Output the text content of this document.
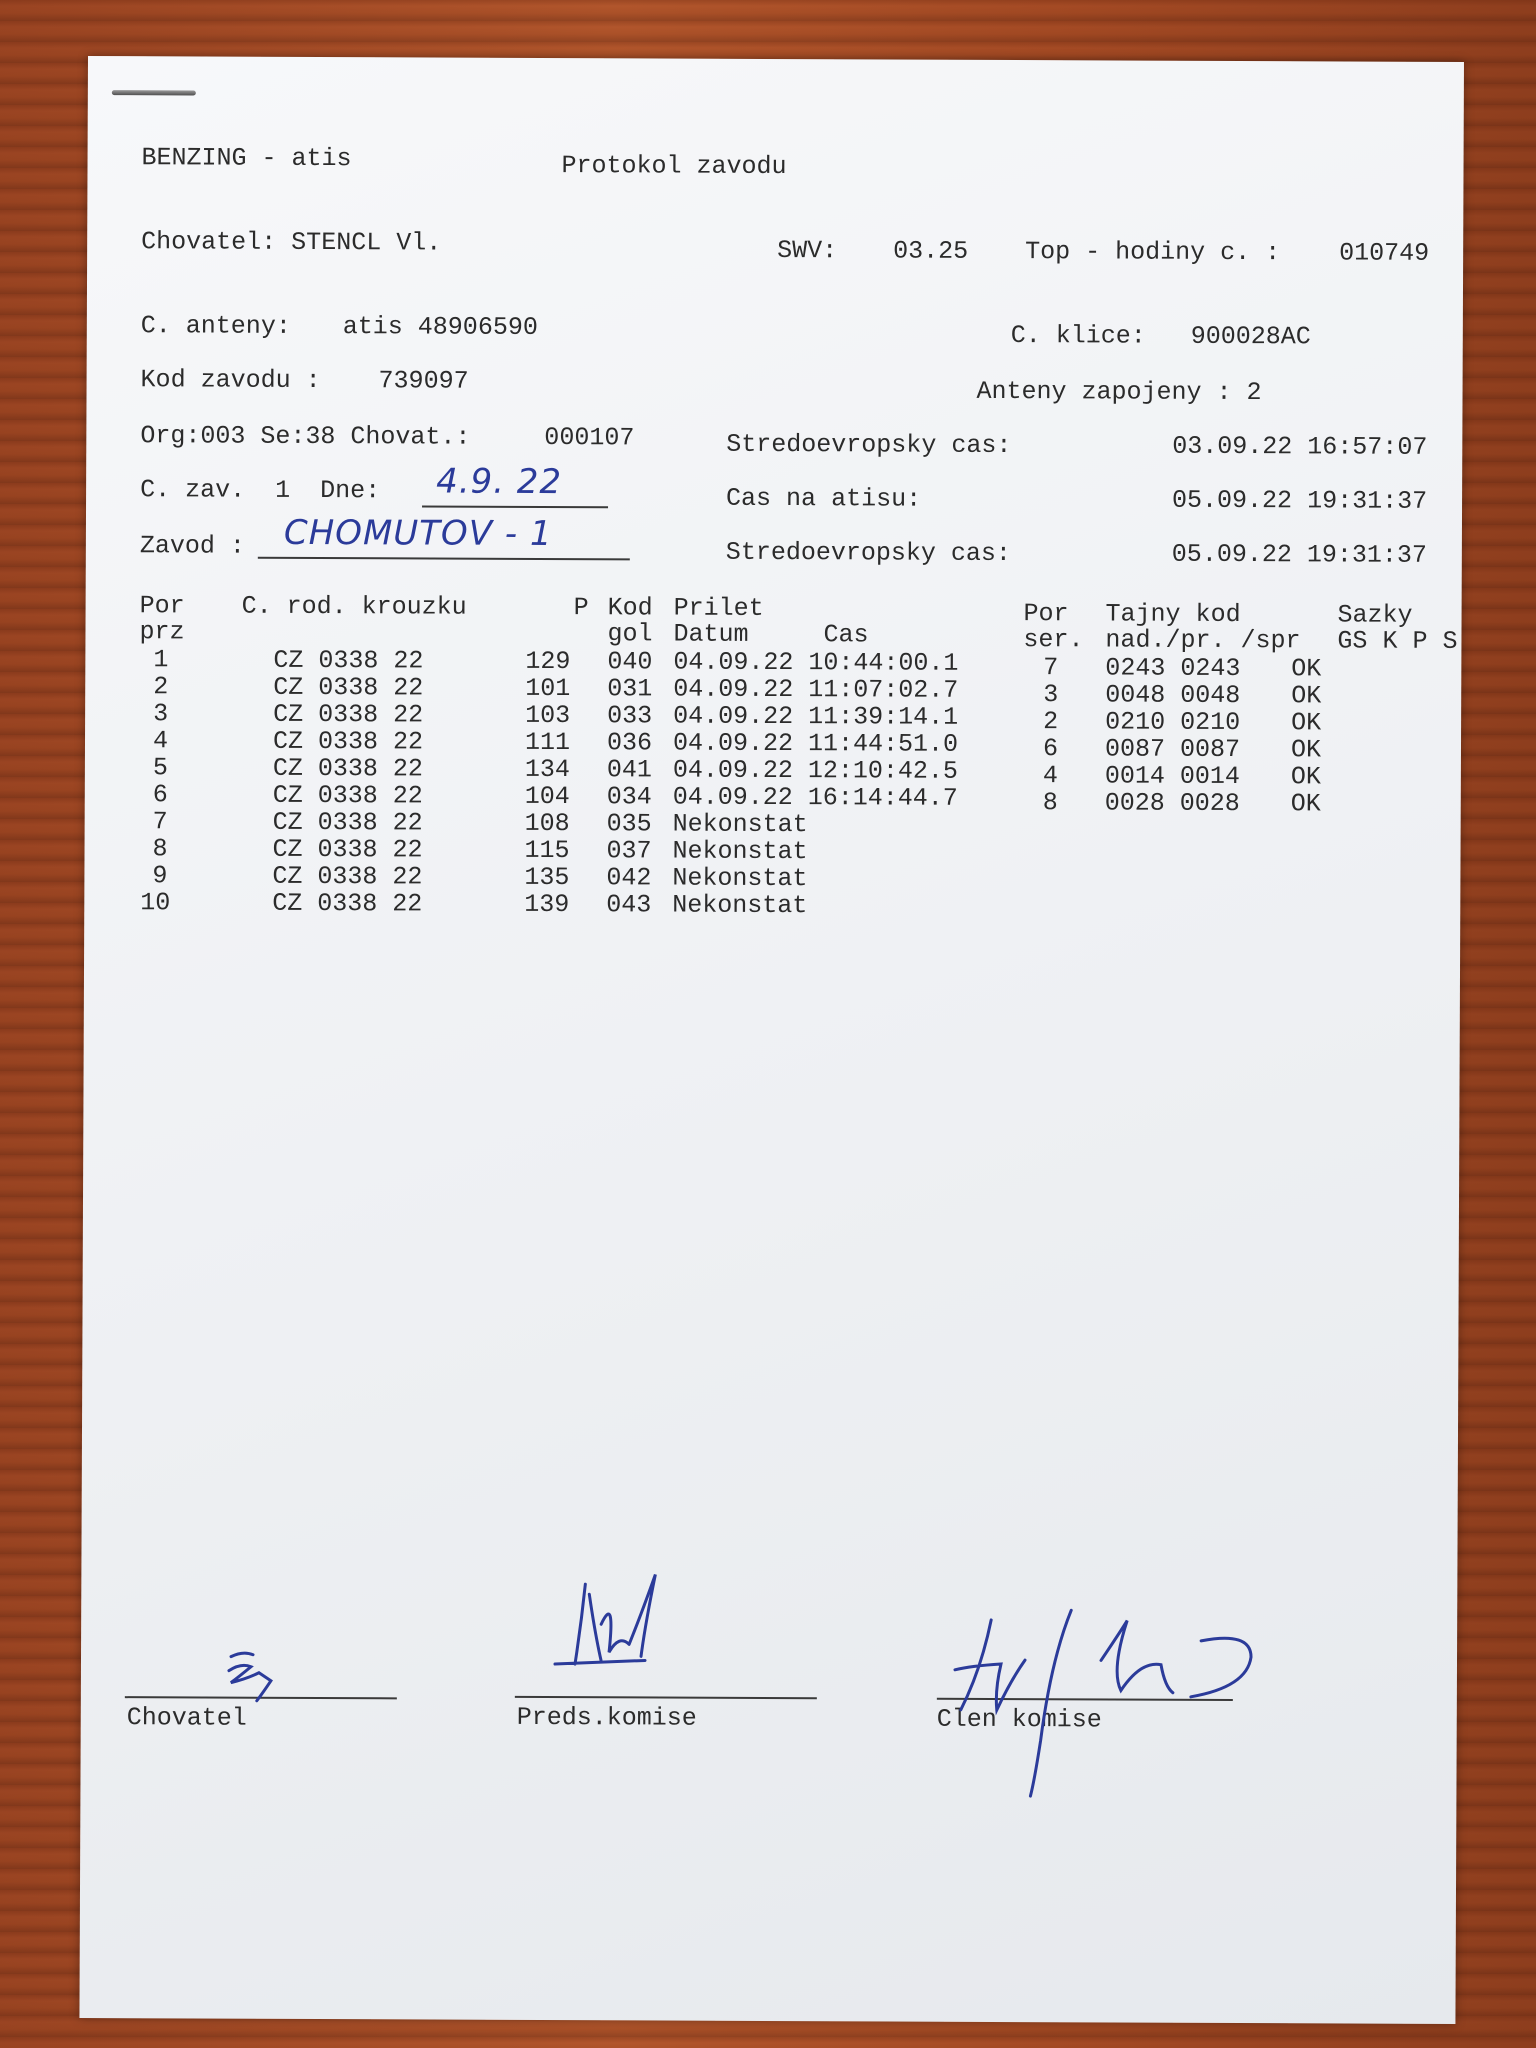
BENZING - atis	Protokol zavodu
Chovatel: STENCL Vl.	SWV: 03.25 Top - hodiny c. : 010749
C. anteny: atis 48906590	C. klice: 900028AC
Kod zavodu : 739097	Anteny zapojeny : 2
Org:003 Se:38 Chovat.:	000107	Stredoevropsky cas:	03.09.22 16:57:07
C. zav.  1  Dne: 4.9. 22	Cas na atisu:	05.09.22 19:31:37
Zavod : CHOMUTOV - 1	Stredoevropsky cas:	05.09.22 19:31:37
Por C. rod. krouzku	P Kod Prilet	Por Tajny kod	Sazky
prz	gol Datum	Cas	ser. nad./pr. /spr GS K P S
1	CZ 0338 22	129 040 04.09.22 10:44:00.1	7 0243 0243 OK
2	CZ 0338 22	101 031 04.09.22 11:07:02.7	3 0048 0048 OK
3	CZ 0338 22	103 033 04.09.22 11:39:14.1	2 0210 0210 OK
4	CZ 0338 22	111 036 04.09.22 11:44:51.0	6 0087 0087 OK
5	CZ 0338 22	134 041 04.09.22 12:10:42.5	4 0014 0014 OK
6	CZ 0338 22	104 034 04.09.22 16:14:44.7	8 0028 0028 OK
7	CZ 0338 22	108 035 Nekonstat
8	CZ 0338 22	115 037 Nekonstat
9	CZ 0338 22	135 042 Nekonstat
10	CZ 0338 22	139 043 Nekonstat
Chovatel	Preds.komise	Clen komise
